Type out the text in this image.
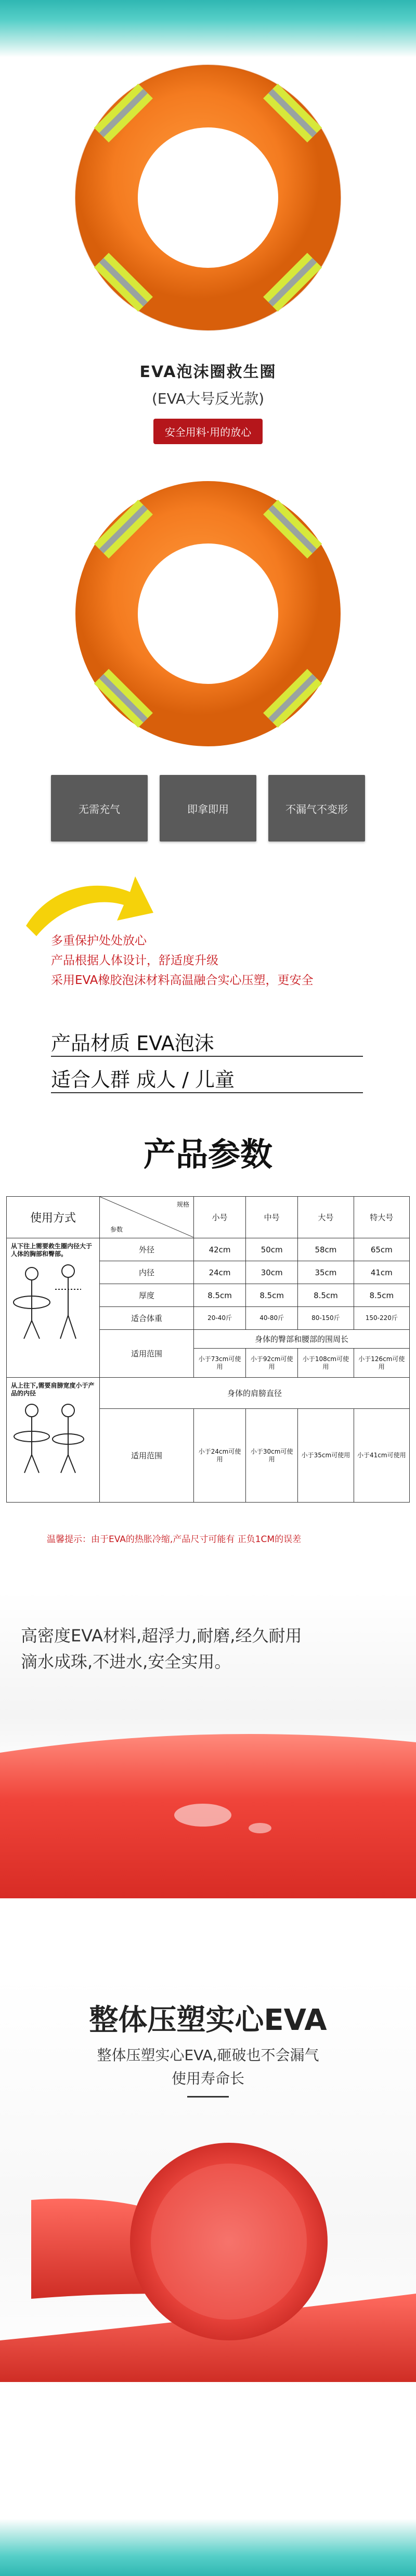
EVA泡沫圈救生圈
(EVA大号反光款)
安全用料·用的放心
无需充气	即拿即用	不漏气不变形
多重保护处处放心
产品根据人体设计，舒适度升级
采用EVA橡胶泡沫材料高温融合实心压塑，更安全
产品材质 EVA泡沫
适合人群 成人 / 儿童
产品参数
使用方式	规格
参数	小号	中号	大号	特大号

从下往上需要救生圈内径大于人体的胸部和臀部。	外径	42cm	50cm	58cm	65cm
	内径	24cm	30cm	35cm	41cm
	厚度	8.5cm	8.5cm	8.5cm	8.5cm
	适合体重	20-40斤	40-80斤	80-150斤	150-220斤
	适用范围	身体的臀部和腰部的围周长			
		小于73cm可使用	小于92cm可使用	小于108cm可使用	小于126cm可使用

从上往下,需要肩膀宽度小于产品的内径	身体的肩膀直径				
	适用范围	小于24cm可使用	小于30cm可使用	小于35cm可使用	小于41cm可使用
温馨提示：由于EVA的热胀冷缩,产品尺寸可能有 正负1CM的误差
高密度EVA材料,超浮力,耐磨,经久耐用
滴水成珠,不进水,安全实用。
整体压塑实心EVA
整体压塑实心EVA,砸破也不会漏气
使用寿命长
